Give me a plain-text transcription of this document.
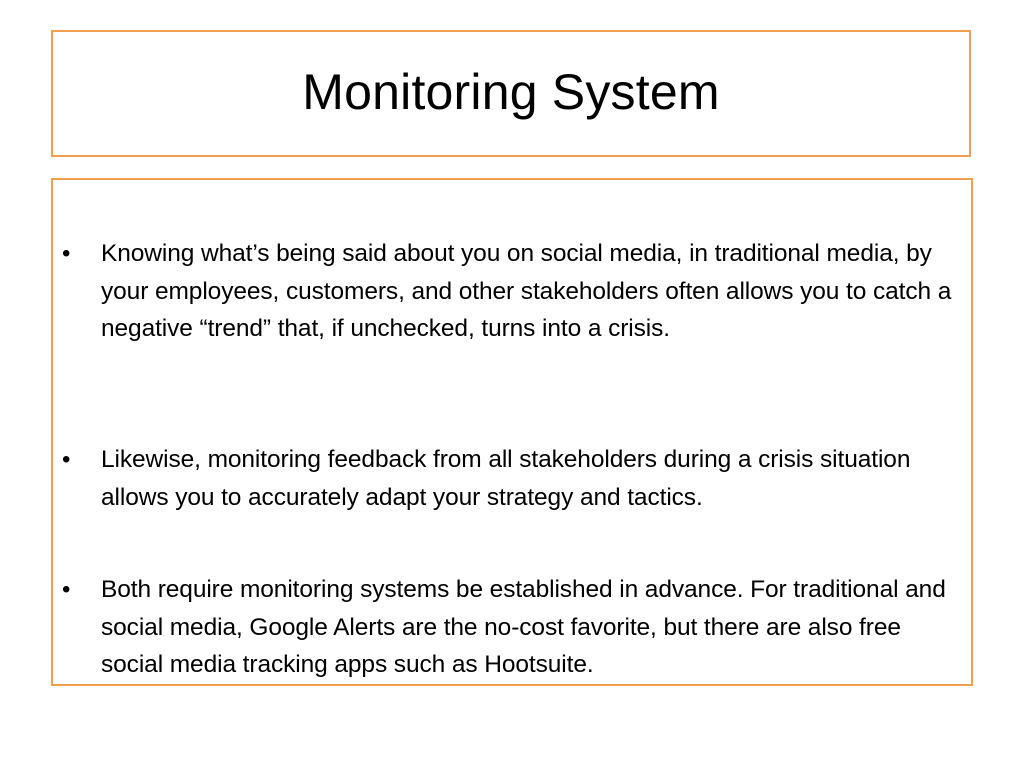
Monitoring System
• Knowing what’s being said about you on social media, in traditional media, by your employees, customers, and other stakeholders often allows you to catch a negative “trend” that, if unchecked, turns into a crisis.
• Likewise, monitoring feedback from all stakeholders during a crisis situation allows you to accurately adapt your strategy and tactics.
• Both require monitoring systems be established in advance. For traditional and social media, Google Alerts are the no-cost favorite, but there are also free social media tracking apps such as Hootsuite.
